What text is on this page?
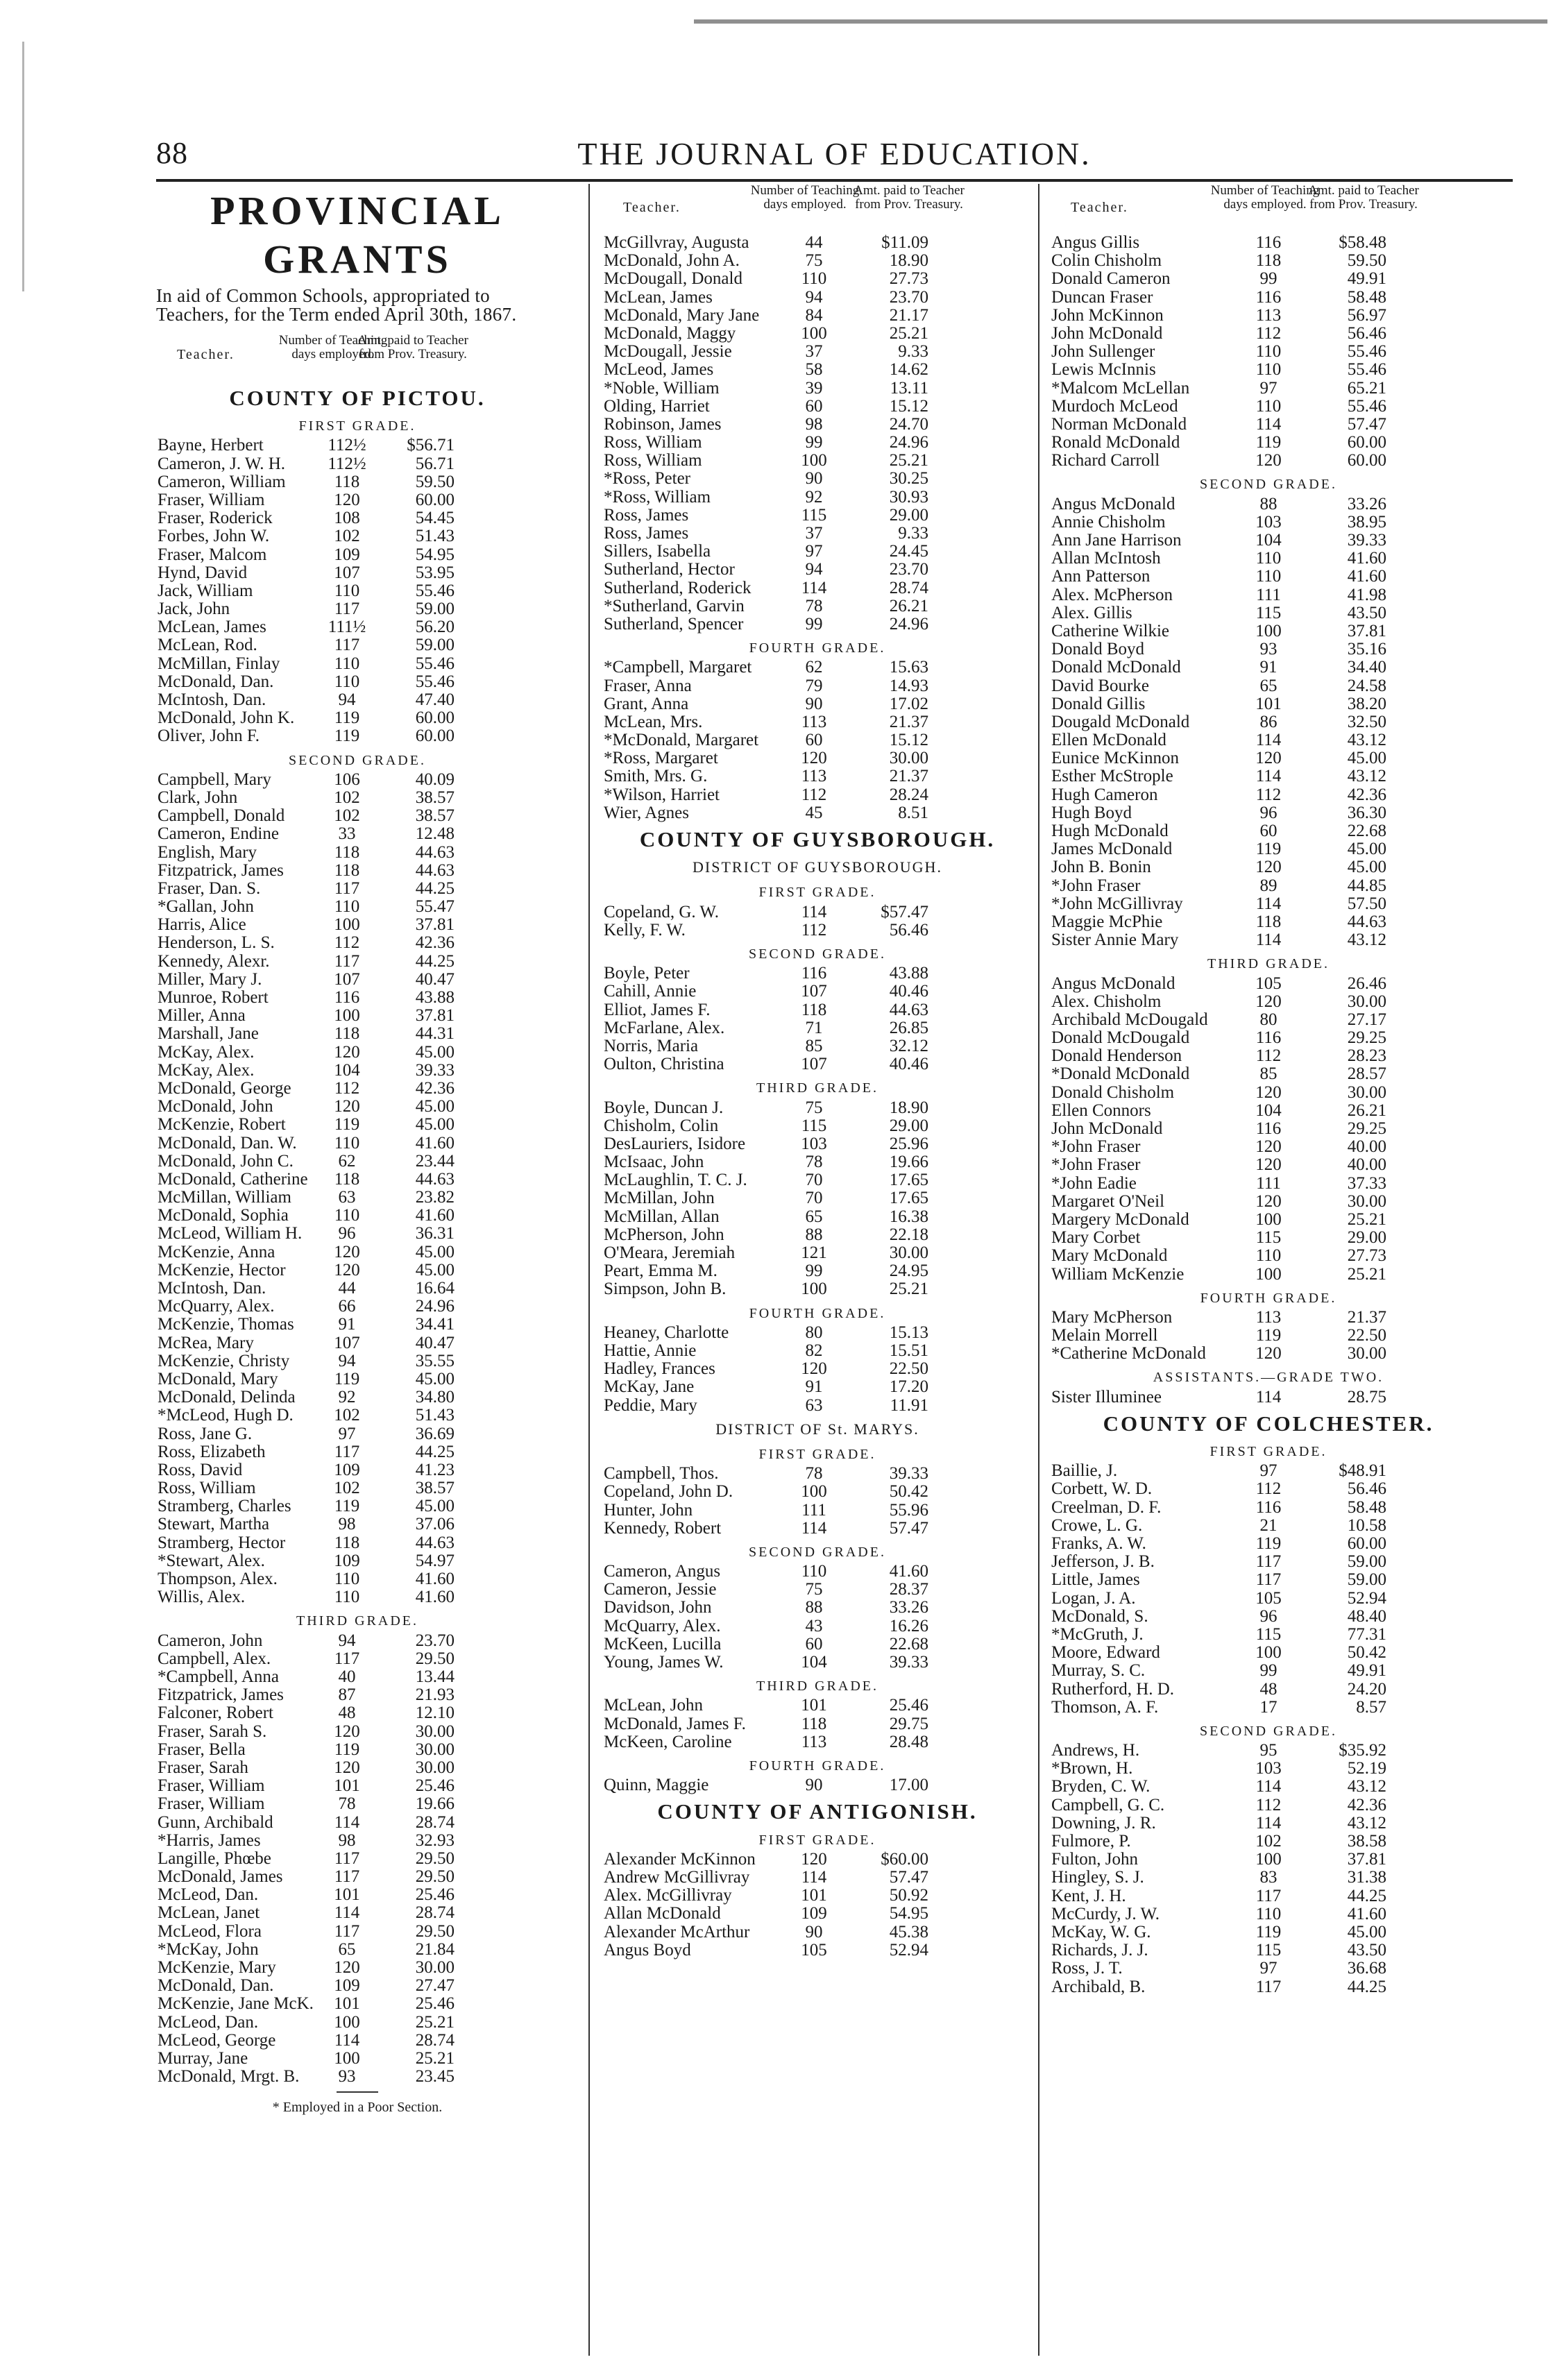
88	THE JOURNAL OF EDUCATION.
PROVINCIAL GRANTS
In aid of Common Schools, appropriated to Teachers, for the Term ended April 30th, 1867.
Teacher.
Number of Teaching days employed.
Amt. paid to Teacher from Prov. Treasury.
COUNTY OF PICTOU.
FIRST GRADE.
Bayne, Herbert	112½	$56.71
Cameron, J. W. H.	112½	56.71
Cameron, William	118	59.50
Fraser, William	120	60.00
Fraser, Roderick	108	54.45
Forbes, John W.	102	51.43
Fraser, Malcom	109	54.95
Hynd, David	107	53.95
Jack, William	110	55.46
Jack, John	117	59.00
McLean, James	111½	56.20
McLean, Rod.	117	59.00
McMillan, Finlay	110	55.46
McDonald, Dan.	110	55.46
McIntosh, Dan.	94	47.40
McDonald, John K.	119	60.00
Oliver, John F.	119	60.00
SECOND GRADE.
Campbell, Mary	106	40.09
Clark, John	102	38.57
Campbell, Donald	102	38.57
Cameron, Endine	33	12.48
English, Mary	118	44.63
Fitzpatrick, James	118	44.63
Fraser, Dan. S.	117	44.25
*Gallan, John	110	55.47
Harris, Alice	100	37.81
Henderson, L. S.	112	42.36
Kennedy, Alexr.	117	44.25
Miller, Mary J.	107	40.47
Munroe, Robert	116	43.88
Miller, Anna	100	37.81
Marshall, Jane	118	44.31
McKay, Alex.	120	45.00
McKay, Alex.	104	39.33
McDonald, George	112	42.36
McDonald, John	120	45.00
McKenzie, Robert	119	45.00
McDonald, Dan. W.	110	41.60
McDonald, John C.	62	23.44
McDonald, Catherine	118	44.63
McMillan, William	63	23.82
McDonald, Sophia	110	41.60
McLeod, William H.	96	36.31
McKenzie, Anna	120	45.00
McKenzie, Hector	120	45.00
McIntosh, Dan.	44	16.64
McQuarry, Alex.	66	24.96
McKenzie, Thomas	91	34.41
McRea, Mary	107	40.47
McKenzie, Christy	94	35.55
McDonald, Mary	119	45.00
McDonald, Delinda	92	34.80
*McLeod, Hugh D.	102	51.43
Ross, Jane G.	97	36.69
Ross, Elizabeth	117	44.25
Ross, David	109	41.23
Ross, William	102	38.57
Stramberg, Charles	119	45.00
Stewart, Martha	98	37.06
Stramberg, Hector	118	44.63
*Stewart, Alex.	109	54.97
Thompson, Alex.	110	41.60
Willis, Alex.	110	41.60
THIRD GRADE.
Cameron, John	94	23.70
Campbell, Alex.	117	29.50
*Campbell, Anna	40	13.44
Fitzpatrick, James	87	21.93
Falconer, Robert	48	12.10
Fraser, Sarah S.	120	30.00
Fraser, Bella	119	30.00
Fraser, Sarah	120	30.00
Fraser, William	101	25.46
Fraser, William	78	19.66
Gunn, Archibald	114	28.74
*Harris, James	98	32.93
Langille, Phœbe	117	29.50
McDonald, James	117	29.50
McLeod, Dan.	101	25.46
McLean, Janet	114	28.74
McLeod, Flora	117	29.50
*McKay, John	65	21.84
McKenzie, Mary	120	30.00
McDonald, Dan.	109	27.47
McKenzie, Jane McK.	101	25.46
McLeod, Dan.	100	25.21
McLeod, George	114	28.74
Murray, Jane	100	25.21
McDonald, Mrgt. B.	93	23.45
* Employed in a Poor Section.
Teacher.
Number of Teaching days employed.
Amt. paid to Teacher from Prov. Treasury.
McGillvray, Augusta	44	$11.09
McDonald, John A.	75	18.90
McDougall, Donald	110	27.73
McLean, James	94	23.70
McDonald, Mary Jane	84	21.17
McDonald, Maggy	100	25.21
McDougall, Jessie	37	9.33
McLeod, James	58	14.62
*Noble, William	39	13.11
Olding, Harriet	60	15.12
Robinson, James	98	24.70
Ross, William	99	24.96
Ross, William	100	25.21
*Ross, Peter	90	30.25
*Ross, William	92	30.93
Ross, James	115	29.00
Ross, James	37	9.33
Sillers, Isabella	97	24.45
Sutherland, Hector	94	23.70
Sutherland, Roderick	114	28.74
*Sutherland, Garvin	78	26.21
Sutherland, Spencer	99	24.96
FOURTH GRADE.
*Campbell, Margaret	62	15.63
Fraser, Anna	79	14.93
Grant, Anna	90	17.02
McLean, Mrs.	113	21.37
*McDonald, Margaret	60	15.12
*Ross, Margaret	120	30.00
Smith, Mrs. G.	113	21.37
*Wilson, Harriet	112	28.24
Wier, Agnes	45	8.51
COUNTY OF GUYSBOROUGH.
DISTRICT OF GUYSBOROUGH.
FIRST GRADE.
Copeland, G. W.	114	$57.47
Kelly, F. W.	112	56.46
SECOND GRADE.
Boyle, Peter	116	43.88
Cahill, Annie	107	40.46
Elliot, James F.	118	44.63
McFarlane, Alex.	71	26.85
Norris, Maria	85	32.12
Oulton, Christina	107	40.46
THIRD GRADE.
Boyle, Duncan J.	75	18.90
Chisholm, Colin	115	29.00
DesLauriers, Isidore	103	25.96
McIsaac, John	78	19.66
McLaughlin, T. C. J.	70	17.65
McMillan, John	70	17.65
McMillan, Allan	65	16.38
McPherson, John	88	22.18
O'Meara, Jeremiah	121	30.00
Peart, Emma M.	99	24.95
Simpson, John B.	100	25.21
FOURTH GRADE.
Heaney, Charlotte	80	15.13
Hattie, Annie	82	15.51
Hadley, Frances	120	22.50
McKay, Jane	91	17.20
Peddie, Mary	63	11.91
DISTRICT OF St. MARYS.
FIRST GRADE.
Campbell, Thos.	78	39.33
Copeland, John D.	100	50.42
Hunter, John	111	55.96
Kennedy, Robert	114	57.47
SECOND GRADE.
Cameron, Angus	110	41.60
Cameron, Jessie	75	28.37
Davidson, John	88	33.26
McQuarry, Alex.	43	16.26
McKeen, Lucilla	60	22.68
Young, James W.	104	39.33
THIRD GRADE.
McLean, John	101	25.46
McDonald, James F.	118	29.75
McKeen, Caroline	113	28.48
FOURTH GRADE.
Quinn, Maggie	90	17.00
COUNTY OF ANTIGONISH.
FIRST GRADE.
Alexander McKinnon	120	$60.00
Andrew McGillivray	114	57.47
Alex. McGillivray	101	50.92
Allan McDonald	109	54.95
Alexander McArthur	90	45.38
Angus Boyd	105	52.94
Teacher.
Number of Teaching days employed.
Amt. paid to Teacher from Prov. Treasury.
Angus Gillis	116	$58.48
Colin Chisholm	118	59.50
Donald Cameron	99	49.91
Duncan Fraser	116	58.48
John McKinnon	113	56.97
John McDonald	112	56.46
John Sullenger	110	55.46
Lewis McInnis	110	55.46
*Malcom McLellan	97	65.21
Murdoch McLeod	110	55.46
Norman McDonald	114	57.47
Ronald McDonald	119	60.00
Richard Carroll	120	60.00
SECOND GRADE.
Angus McDonald	88	33.26
Annie Chisholm	103	38.95
Ann Jane Harrison	104	39.33
Allan McIntosh	110	41.60
Ann Patterson	110	41.60
Alex. McPherson	111	41.98
Alex. Gillis	115	43.50
Catherine Wilkie	100	37.81
Donald Boyd	93	35.16
Donald McDonald	91	34.40
David Bourke	65	24.58
Donald Gillis	101	38.20
Dougald McDonald	86	32.50
Ellen McDonald	114	43.12
Eunice McKinnon	120	45.00
Esther McStrople	114	43.12
Hugh Cameron	112	42.36
Hugh Boyd	96	36.30
Hugh McDonald	60	22.68
James McDonald	119	45.00
John B. Bonin	120	45.00
*John Fraser	89	44.85
*John McGillivray	114	57.50
Maggie McPhie	118	44.63
Sister Annie Mary	114	43.12
THIRD GRADE.
Angus McDonald	105	26.46
Alex. Chisholm	120	30.00
Archibald McDougald	80	27.17
Donald McDougald	116	29.25
Donald Henderson	112	28.23
*Donald McDonald	85	28.57
Donald Chisholm	120	30.00
Ellen Connors	104	26.21
John McDonald	116	29.25
*John Fraser	120	40.00
*John Fraser	120	40.00
*John Eadie	111	37.33
Margaret O'Neil	120	30.00
Margery McDonald	100	25.21
Mary Corbet	115	29.00
Mary McDonald	110	27.73
William McKenzie	100	25.21
FOURTH GRADE.
Mary McPherson	113	21.37
Melain Morrell	119	22.50
*Catherine McDonald	120	30.00
ASSISTANTS.—GRADE TWO.
Sister Illuminee	114	28.75
COUNTY OF COLCHESTER.
FIRST GRADE.
Baillie, J.	97	$48.91
Corbett, W. D.	112	56.46
Creelman, D. F.	116	58.48
Crowe, L. G.	21	10.58
Franks, A. W.	119	60.00
Jefferson, J. B.	117	59.00
Little, James	117	59.00
Logan, J. A.	105	52.94
McDonald, S.	96	48.40
*McGruth, J.	115	77.31
Moore, Edward	100	50.42
Murray, S. C.	99	49.91
Rutherford, H. D.	48	24.20
Thomson, A. F.	17	8.57
SECOND GRADE.
Andrews, H.	95	$35.92
*Brown, H.	103	52.19
Bryden, C. W.	114	43.12
Campbell, G. C.	112	42.36
Downing, J. R.	114	43.12
Fulmore, P.	102	38.58
Fulton, John	100	37.81
Hingley, S. J.	83	31.38
Kent, J. H.	117	44.25
McCurdy, J. W.	110	41.60
McKay, W. G.	119	45.00
Richards, J. J.	115	43.50
Ross, J. T.	97	36.68
Archibald, B.	117	44.25
